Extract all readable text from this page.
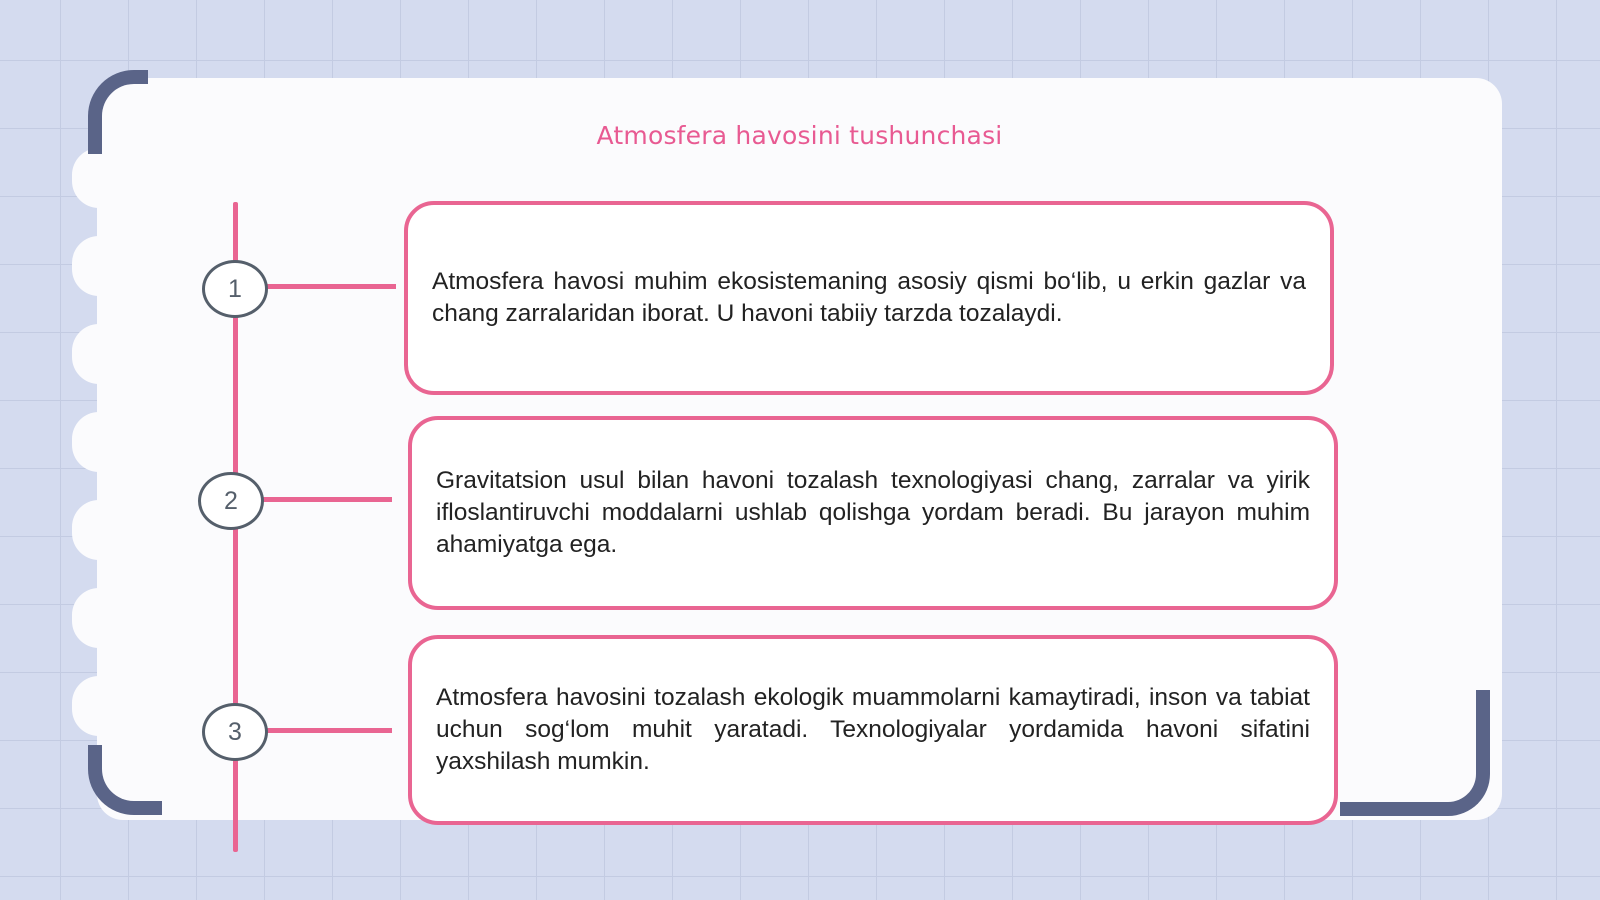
Atmosfera havosini tushunchasi
1	Atmosfera havosi muhim ekosistemaning asosiy qismi bo‘lib, u erkin gazlar va chang zarralaridan iborat. U havoni tabiiy tarzda tozalaydi.

2

Gravitatsion usul bilan havoni tozalash texnologiyasi chang, zarralar va yirik ifloslantiruvchi moddalarni ushlab qolishga yordam beradi. Bu jarayon muhim ahamiyatga ega.

3

Atmosfera havosini tozalash ekologik muammolarni kamaytiradi, inson va tabiat uchun sog‘lom muhit yaratadi. Texnologiyalar yordamida havoni sifatini yaxshilash mumkin.
